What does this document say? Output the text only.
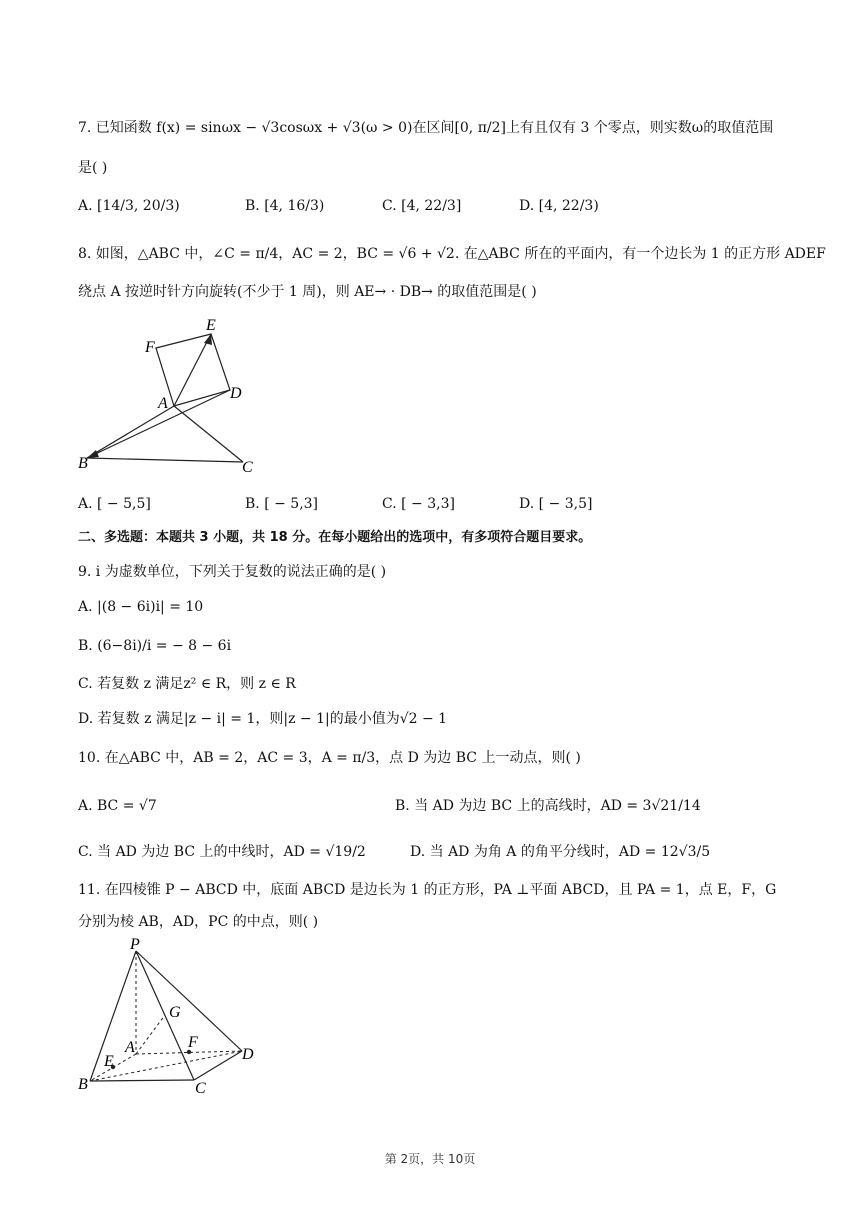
7. 已知函数 f(x) = sinωx − √3cosωx + √3(ω > 0)在区间[0, π/2]上有且仅有 3 个零点，则实数ω的取值范围
是( )
A. [14/3, 20/3)	B. [4, 16/3)	C. [4, 22/3]	D. [4, 22/3)
8. 如图，△ABC 中，∠C = π/4，AC = 2，BC = √6 + √2. 在△ABC 所在的平面内，有一个边长为 1 的正方形 ADEF
绕点 A 按逆时针方向旋转(不少于 1 周)，则 AE→ · DB→ 的取值范围是( )
E
F
D
A
B	C
A. [ − 5,5]	B. [ − 5,3]	C. [ − 3,3]	D. [ − 3,5]
二、多选题：本题共 3 小题，共 18 分。在每小题给出的选项中，有多项符合题目要求。
9. i 为虚数单位，下列关于复数的说法正确的是( )
A. |(8 − 6i)i| = 10
B. (6−8i)/i = − 8 − 6i
C. 若复数 z 满足z² ∈ R，则 z ∈ R
D. 若复数 z 满足|z − i| = 1，则|z − 1|的最小值为√2 − 1
10. 在△ABC 中，AB = 2，AC = 3，A = π/3，点 D 为边 BC 上一动点，则( )
A. BC = √7	B. 当 AD 为边 BC 上的高线时，AD = 3√21/14
C. 当 AD 为边 BC 上的中线时，AD = √19/2	D. 当 AD 为角 A 的角平分线时，AD = 12√3/5
11. 在四棱锥 P − ABCD 中，底面 ABCD 是边长为 1 的正方形，PA ⊥平面 ABCD，且 PA = 1，点 E，F，G
分别为棱 AB，AD，PC 的中点，则( )
P
G
A	F
D
E
B	C
第 2页，共 10页
